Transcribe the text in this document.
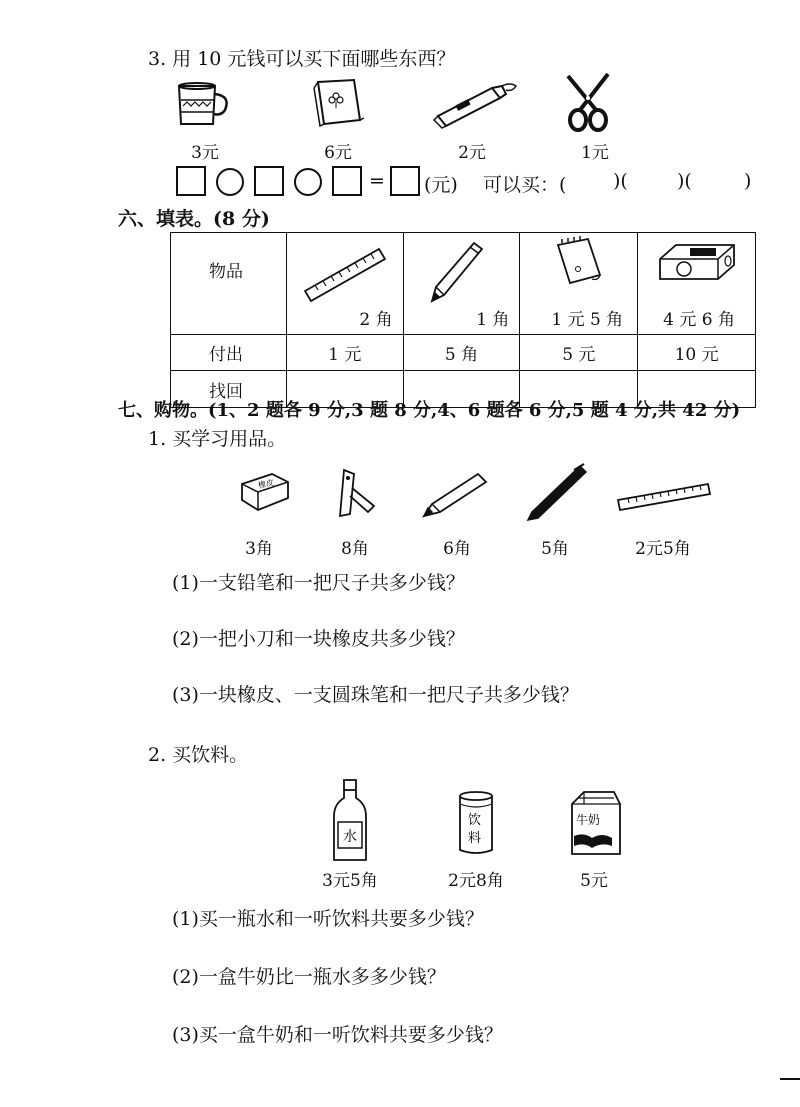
3. 用 10 元钱可以买下面哪些东西？
3元	6元	2元	1元
= (元) 可以买：( )(	)(	)
六、填表。(8 分)
物品	2 角	1 角	1 元 5 角	4 元 6 角

付出	1 元	5 角	5 元	10 元
找回				
七、购物。(1、2 题各 9 分,3 题 8 分,4、6 题各 6 分,5 题 4 分,共 42 分)
1. 买学习用品。
橡皮
3角	8角	6角	5角	2元5角
(1)一支铅笔和一把尺子共多少钱？
(2)一把小刀和一块橡皮共多少钱？
(3)一块橡皮、一支圆珠笔和一把尺子共多少钱？
2. 买饮料。
水
3元5角
饮
料
2元8角
牛奶
5元
(1)买一瓶水和一听饮料共要多少钱？
(2)一盒牛奶比一瓶水多多少钱？
(3)买一盒牛奶和一听饮料共要多少钱？
